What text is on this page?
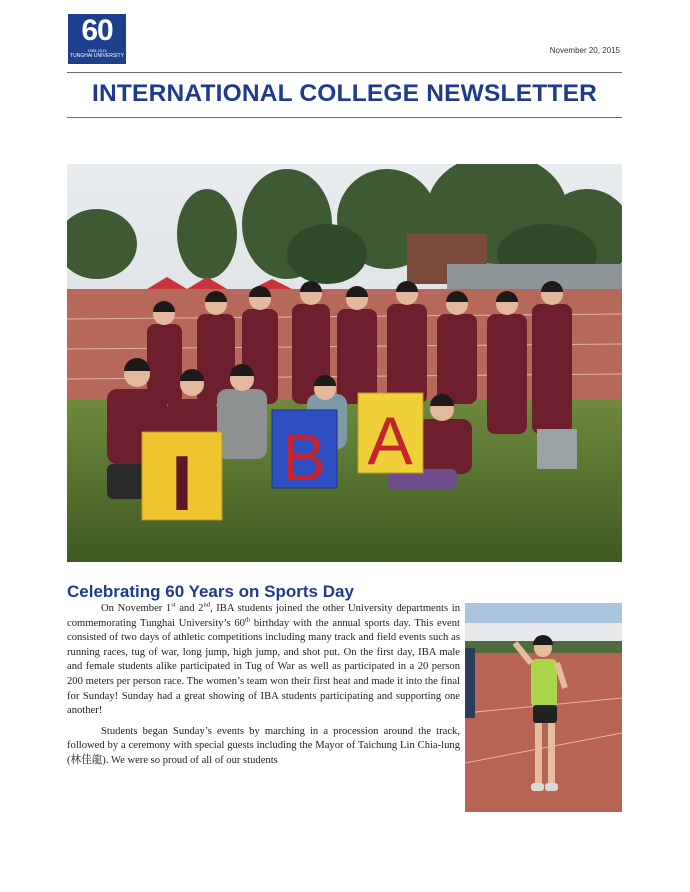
60
1955-2015
TUNGHAI UNIVERSITY
November 20, 2015
INTERNATIONAL COLLEGE NEWSLETTER
I B A
Celebrating 60 Years on Sports Day

On November 1st and 2nd, IBA students joined the other University departments in commemorating Tunghai University’s 60th birthday with the annual sports day. This event consisted of two days of athletic competitions including many track and field events such as running races, tug of war, long jump, high jump, and shot put. On the first day, IBA male and female students alike participated in Tug of War as well as participated in a 20 person 200 meters per person race. The women’s team won their first heat and made it into the final for Sunday! Sunday had a great showing of IBA students participating and supporting one another!

Students began Sunday’s events by marching in a procession around the track, followed by a ceremony with special guests including the Mayor of Taichung Lin Chia-lung (林佳龍). We were so proud of all of our students
